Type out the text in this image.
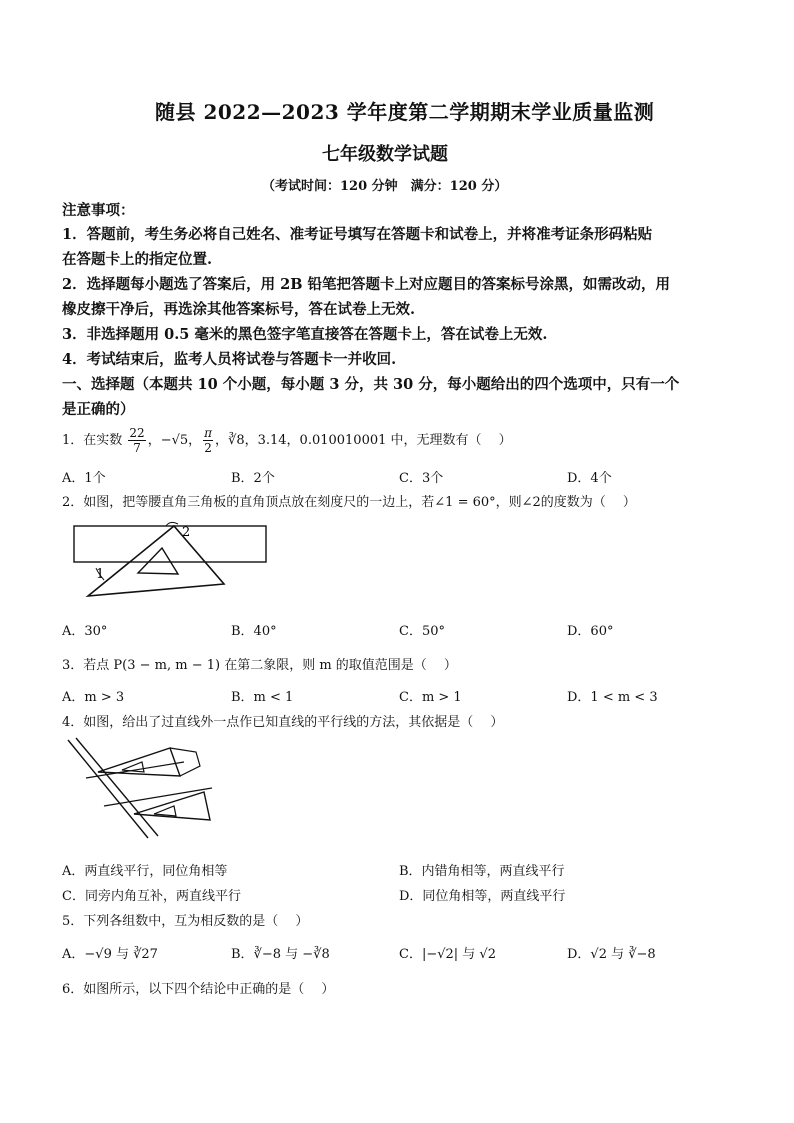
随县 2022—2023 学年度第二学期期末学业质量监测
七年级数学试题
（考试时间：120 分钟　满分：120 分）
注意事项：
1．答题前，考生务必将自己姓名、准考证号填写在答题卡和试卷上，并将准考证条形码粘贴
在答题卡上的指定位置.
2．选择题每小题选了答案后，用 2B 铅笔把答题卡上对应题目的答案标号涂黑，如需改动，用
橡皮擦干净后，再选涂其他答案标号，答在试卷上无效.
3．非选择题用 0.5 毫米的黑色签字笔直接答在答题卡上，答在试卷上无效.
4．考试结束后，监考人员将试卷与答题卡一并收回.
一、选择题（本题共 10 个小题，每小题 3 分，共 30 分，每小题给出的四个选项中，只有一个
是正确的）
1．在实数 $\frac{22}{7}$ ，−√5， $\frac{\pi}{2}$ ，∛8，3.14，0.010010001 中，无理数有（　 ）
A．1个	B．2个	C．3个	D．4个
2．如图，把等腰直角三角板的直角顶点放在刻度尺的一边上，若∠1 = 60°，则∠2的度数为（　 ）
2
1
A．30°	B．40°	C．50°	D．60°
3．若点 P(3 − m, m − 1) 在第二象限，则 m 的取值范围是（　 ）
A．m > 3	B．m < 1	C．m > 1	D．1 < m < 3
4．如图，给出了过直线外一点作已知直线的平行线的方法，其依据是（　 ）
A．两直线平行，同位角相等	B．内错角相等，两直线平行
C．同旁内角互补，两直线平行	D．同位角相等，两直线平行
5．下列各组数中，互为相反数的是（　 ）
A．−√9 与 ∛27	B．∛−8 与 −∛8	C．|−√2| 与 √2	D．√2 与 ∛−8
6．如图所示，以下四个结论中正确的是（　 ）
